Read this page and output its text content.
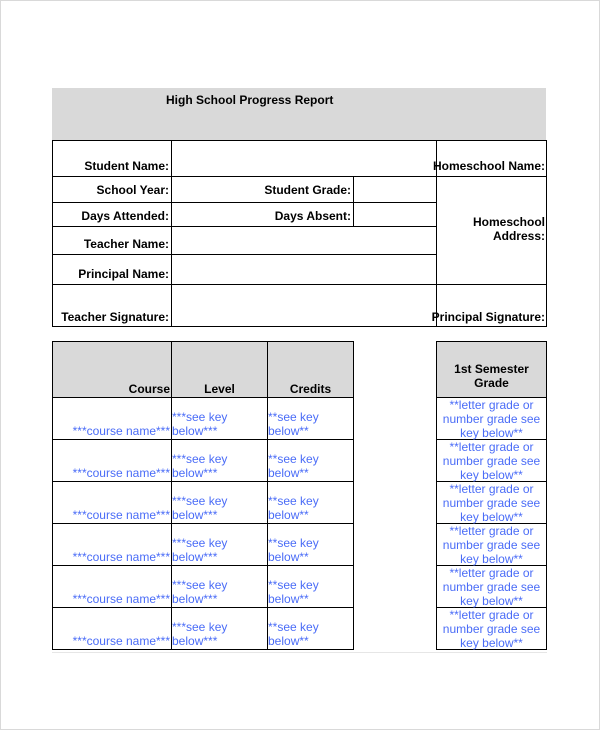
High School Progress Report
Student Name:
School Year:
Days Attended:
Teacher Name:
Principal Name:
Teacher Signature:
Student Grade:
Days Absent:
Homeschool Name:
Homeschool
Address:
Principal Signature:
Course	Level	Credits
***course name***
***see key
below***
**see key
below**
***course name***
***see key
below***
**see key
below**
***course name***
***see key
below***
**see key
below**
***course name***
***see key
below***
**see key
below**
***course name***
***see key
below***
**see key
below**
***course name***
***see key
below***
**see key
below**
1st Semester Grade
**letter grade or
number grade see
key below**
**letter grade or
number grade see
key below**
**letter grade or
number grade see
key below**
**letter grade or
number grade see
key below**
**letter grade or
number grade see
key below**
**letter grade or
number grade see
key below**
